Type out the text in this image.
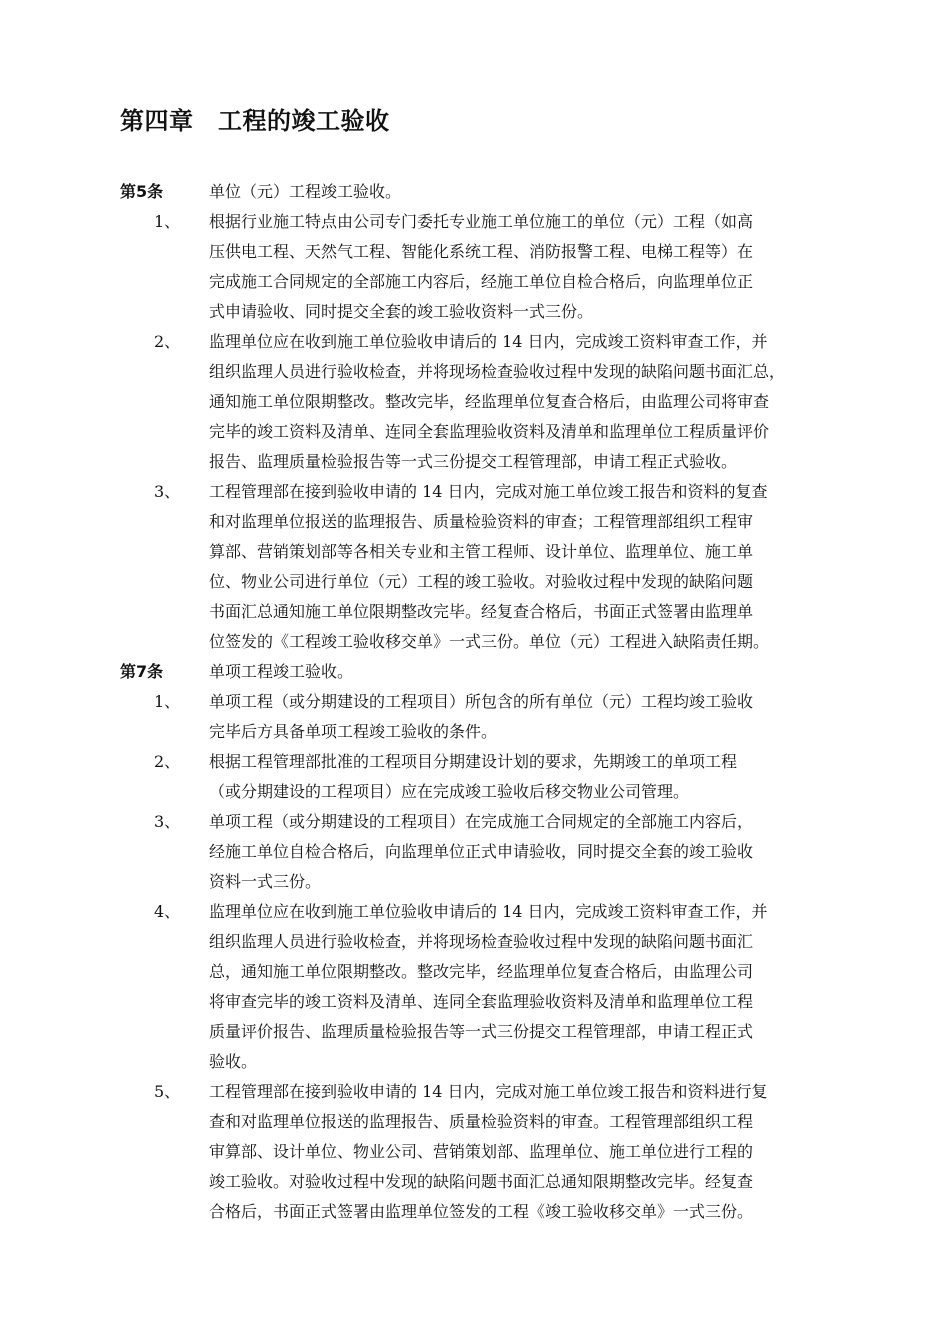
第四章　工程的竣工验收
第5条	单位（元）工程竣工验收。
1、 根据行业施工特点由公司专门委托专业施工单位施工的单位（元）工程（如高
压供电工程、天然气工程、智能化系统工程、消防报警工程、电梯工程等）在
完成施工合同规定的全部施工内容后，经施工单位自检合格后，向监理单位正
式申请验收、同时提交全套的竣工验收资料一式三份。
2、 监理单位应在收到施工单位验收申请后的 14 日内，完成竣工资料审查工作，并
组织监理人员进行验收检查，并将现场检查验收过程中发现的缺陷问题书面汇总，
通知施工单位限期整改。整改完毕，经监理单位复查合格后，由监理公司将审查
完毕的竣工资料及清单、连同全套监理验收资料及清单和监理单位工程质量评价
报告、监理质量检验报告等一式三份提交工程管理部，申请工程正式验收。
3、 工程管理部在接到验收申请的 14 日内，完成对施工单位竣工报告和资料的复查
和对监理单位报送的监理报告、质量检验资料的审查；工程管理部组织工程审
算部、营销策划部等各相关专业和主管工程师、设计单位、监理单位、施工单
位、物业公司进行单位（元）工程的竣工验收。对验收过程中发现的缺陷问题
书面汇总通知施工单位限期整改完毕。经复查合格后，书面正式签署由监理单
位签发的《工程竣工验收移交单》一式三份。单位（元）工程进入缺陷责任期。
第7条	单项工程竣工验收。
1、 单项工程（或分期建设的工程项目）所包含的所有单位（元）工程均竣工验收
完毕后方具备单项工程竣工验收的条件。
2、 根据工程管理部批准的工程项目分期建设计划的要求，先期竣工的单项工程
（或分期建设的工程项目）应在完成竣工验收后移交物业公司管理。
3、 单项工程（或分期建设的工程项目）在完成施工合同规定的全部施工内容后，
经施工单位自检合格后，向监理单位正式申请验收，同时提交全套的竣工验收
资料一式三份。
4、 监理单位应在收到施工单位验收申请后的 14 日内，完成竣工资料审查工作，并
组织监理人员进行验收检查，并将现场检查验收过程中发现的缺陷问题书面汇
总，通知施工单位限期整改。整改完毕，经监理单位复查合格后，由监理公司
将审查完毕的竣工资料及清单、连同全套监理验收资料及清单和监理单位工程
质量评价报告、监理质量检验报告等一式三份提交工程管理部，申请工程正式
验收。
5、 工程管理部在接到验收申请的 14 日内，完成对施工单位竣工报告和资料进行复
查和对监理单位报送的监理报告、质量检验资料的审查。工程管理部组织工程
审算部、设计单位、物业公司、营销策划部、监理单位、施工单位进行工程的
竣工验收。对验收过程中发现的缺陷问题书面汇总通知限期整改完毕。经复查
合格后，书面正式签署由监理单位签发的工程《竣工验收移交单》一式三份。
